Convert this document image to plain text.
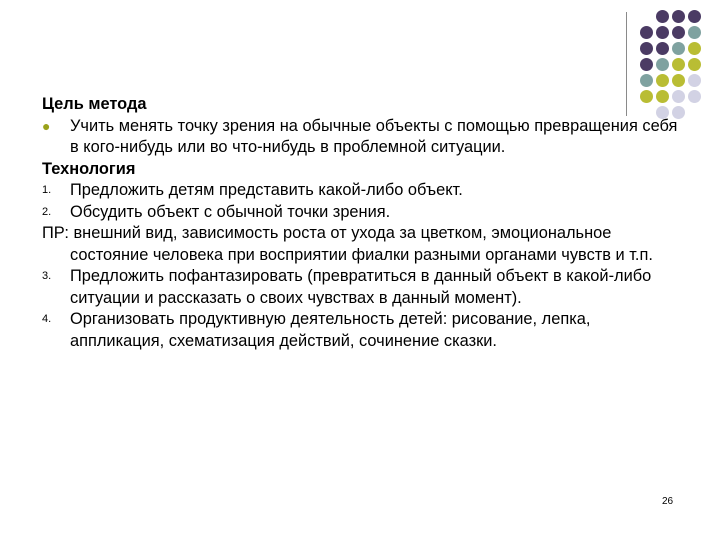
Цель метода

● Учить менять точку зрения на обычные объекты с помощью превращения себя в кого-нибудь или во что-нибудь в проблемной ситуации.

Технология

1. Предложить детям представить какой-либо объект.

2. Обсудить объект с обычной точки зрения.

ПР: внешний вид, зависимость роста от ухода за цветком, эмоциональное состояние человека при восприятии фиалки разными органами чувств и т.п.

3. Предложить пофантазировать (превратиться в данный объект в какой-либо ситуации и рассказать о своих чувствах в данный момент).

4. Организовать продуктивную деятельность детей: рисование, лепка, аппликация, схематизация действий, сочинение сказки.

26
